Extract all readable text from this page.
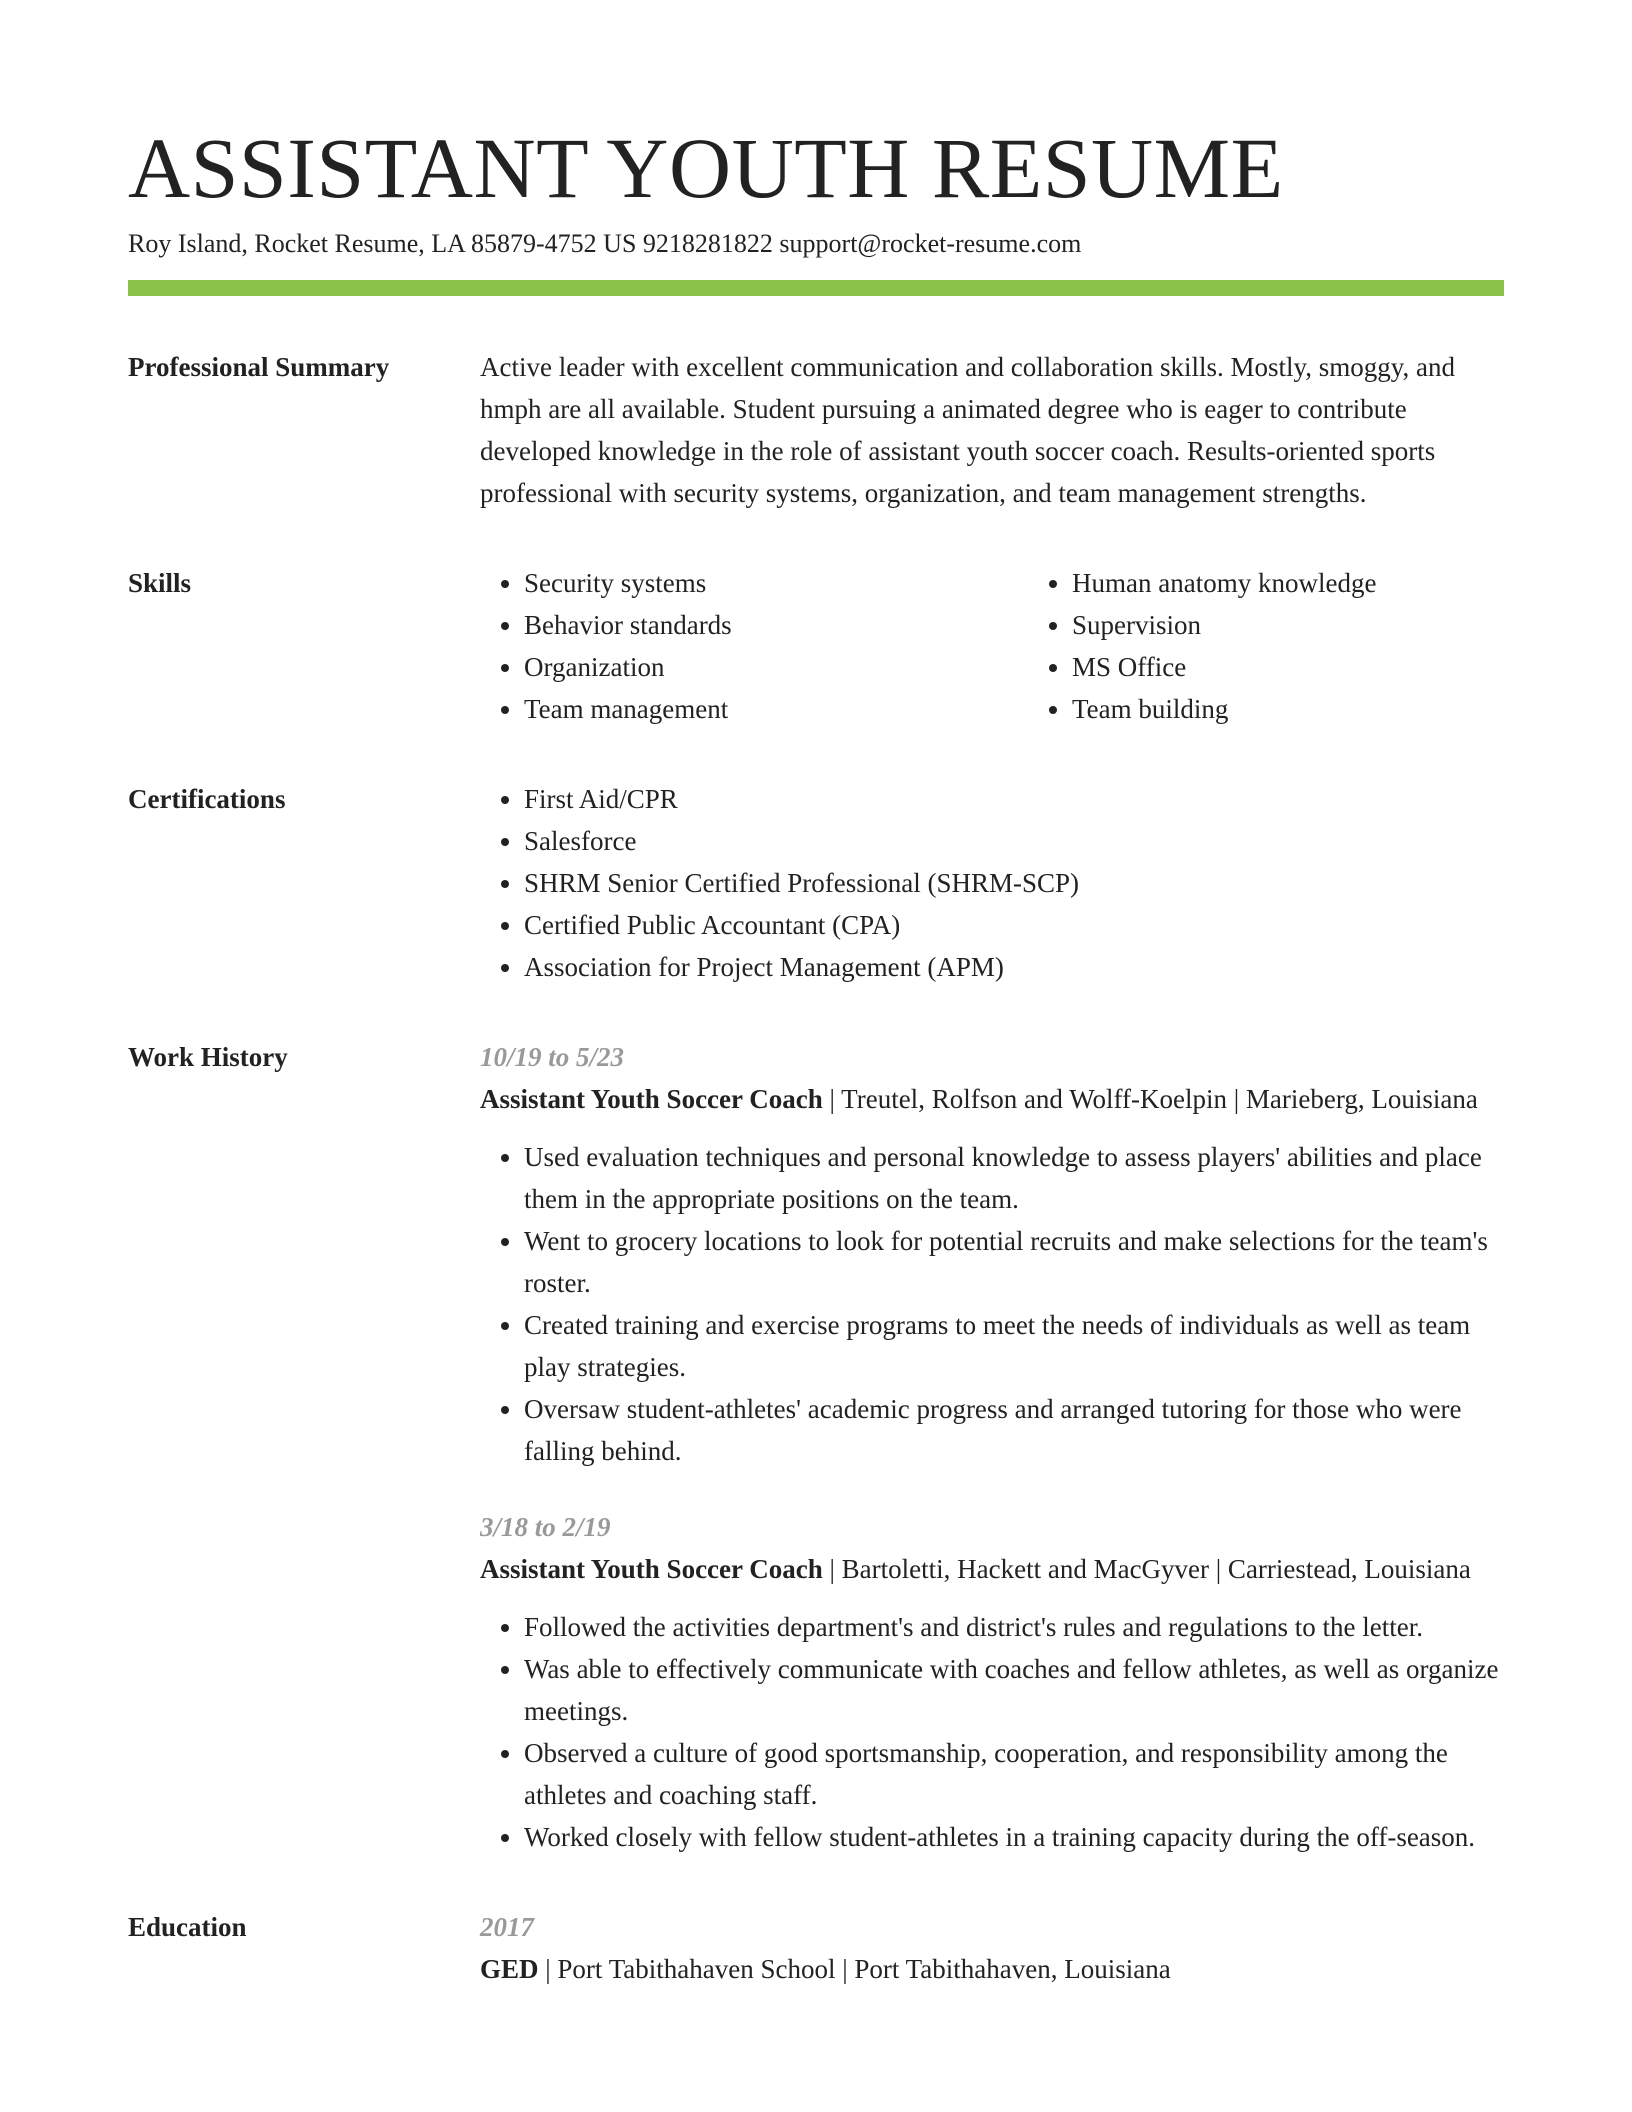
ASSISTANT YOUTH RESUME
Roy Island, Rocket Resume, LA 85879-4752 US 9218281822 support@rocket-resume.com
Professional Summary	Active leader with excellent communication and collaboration skills. Mostly, smoggy, and hmph are all available. Student pursuing a animated degree who is eager to contribute developed knowledge in the role of assistant youth soccer coach. Results-oriented sports professional with security systems, organization, and team management strengths.

Skills	• Security systems
• Behavior standards
• Organization
• Team management
• Human anatomy knowledge
• Supervision
• MS Office
• Team building
Certifications	• First Aid/CPR
• Salesforce
• SHRM Senior Certified Professional (SHRM-SCP)
• Certified Public Accountant (CPA)
• Association for Project Management (APM)
Work History	10/19 to 5/23
Assistant Youth Soccer Coach | Treutel, Rolfson and Wolff-Koelpin | Marieberg, Louisiana
• Used evaluation techniques and personal knowledge to assess players' abilities and place them in the appropriate positions on the team.
• Went to grocery locations to look for potential recruits and make selections for the team's roster.
• Created training and exercise programs to meet the needs of individuals as well as team play strategies.
• Oversaw student-athletes' academic progress and arranged tutoring for those who were falling behind.
3/18 to 2/19
Assistant Youth Soccer Coach | Bartoletti, Hackett and MacGyver | Carriestead, Louisiana
• Followed the activities department's and district's rules and regulations to the letter.
• Was able to effectively communicate with coaches and fellow athletes, as well as organize meetings.
• Observed a culture of good sportsmanship, cooperation, and responsibility among the athletes and coaching staff.
• Worked closely with fellow student-athletes in a training capacity during the off-season.
Education	2017
GED | Port Tabithahaven School | Port Tabithahaven, Louisiana
